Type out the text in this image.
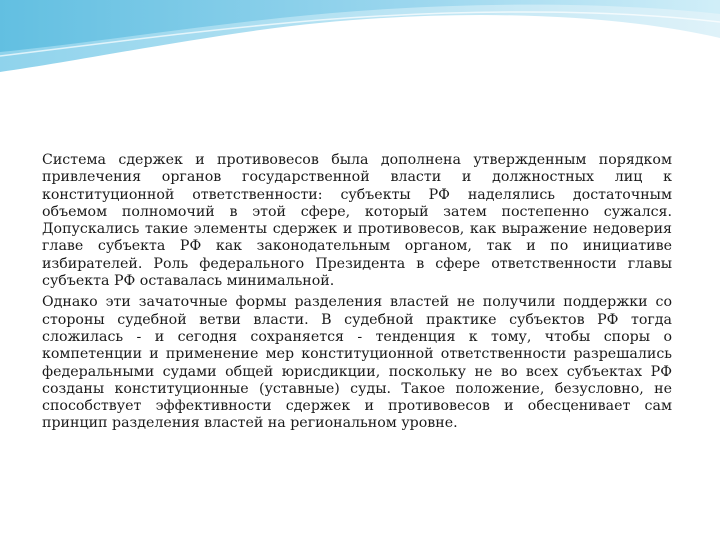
Система сдержек и противовесов была дополнена утвержденным порядком привлечения органов государственной власти и должностных лиц к конституционной ответственности: субъекты РФ наделялись достаточным объемом полномочий в этой сфере, который затем постепенно сужался. Допускались такие элементы сдержек и противовесов, как выражение недоверия главе субъекта РФ как законодательным органом, так и по инициативе избирателей. Роль федерального Президента в сфере ответственности главы субъекта РФ оставалась минимальной.

Однако эти зачаточные формы разделения властей не получили поддержки со стороны судебной ветви власти. В судебной практике субъектов РФ тогда сложилась - и сегодня сохраняется - тенденция к тому, чтобы споры о компетенции и применение мер конституционной ответственности разрешались федеральными судами общей юрисдикции, поскольку не во всех субъектах РФ созданы конституционные (уставные) суды. Такое положение, безусловно, не способствует эффективности сдержек и противовесов и обесценивает сам принцип разделения властей на региональном уровне.
